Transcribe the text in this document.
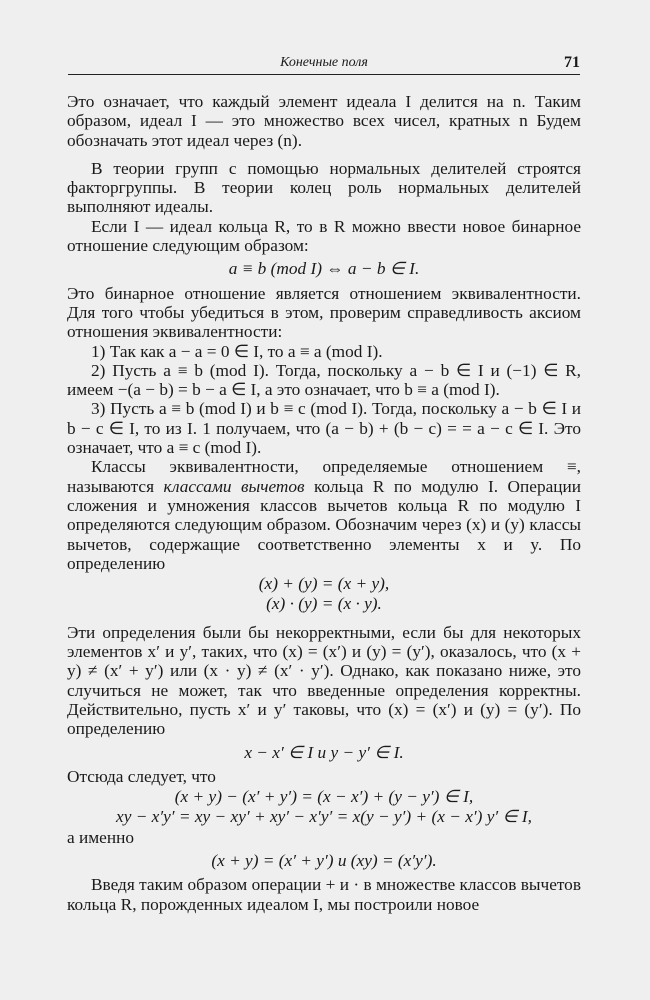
Конечные поля	71

Это означает, что каждый элемент идеала I делится на n. Таким образом, идеал I — это множество всех чисел, кратных n Будем обозначать этот идеал через (n).

В теории групп с помощью нормальных делителей строятся факторгруппы. В теории колец роль нормальных делителей выполняют идеалы.

Если I — идеал кольца R, то в R можно ввести новое бинарное отношение следующим образом:

a ≡ b (mod I) ⇔ a − b ∈ I.

Это бинарное отношение является отношением эквивалентности. Для того чтобы убедиться в этом, проверим справедливость аксиом отношения эквивалентности:

1) Так как a − a = 0 ∈ I, то a ≡ a (mod I).

2) Пусть a ≡ b (mod I). Тогда, поскольку a − b ∈ I и (−1) ∈ R, имеем −(a − b) = b − a ∈ I, а это означает, что b ≡ a (mod I).

3) Пусть a ≡ b (mod I) и b ≡ c (mod I). Тогда, поскольку a − b ∈ I и b − c ∈ I, то из I. 1 получаем, что (a − b) + (b − c) = = a − c ∈ I. Это означает, что a ≡ c (mod I).

Классы эквивалентности, определяемые отношением ≡, называются классами вычетов кольца R по модулю I. Операции сложения и умножения классов вычетов кольца R по модулю I определяются следующим образом. Обозначим через (x) и (y) классы вычетов, содержащие соответственно элементы x и y. По определению

(x) + (y) = (x + y),
(x) · (y) = (x · y).

Эти определения были бы некорректными, если бы для некоторых элементов x′ и y′, таких, что (x) = (x′) и (y) = (y′), оказалось, что (x + y) ≠ (x′ + y′) или (x · y) ≠ (x′ · y′). Однако, как показано ниже, это случиться не может, так что введенные определения корректны. Действительно, пусть x′ и y′ таковы, что (x) = (x′) и (y) = (y′). По определению

x − x′ ∈ I и y − y′ ∈ I.

Отсюда следует, что

(x + y) − (x′ + y′) = (x − x′) + (y − y′) ∈ I,
xy − x′y′ = xy − xy′ + xy′ − x′y′ = x(y − y′) + (x − x′) y′ ∈ I,

а именно

(x + y) = (x′ + y′) и (xy) = (x′y′).

Введя таким образом операции + и · в множестве классов вычетов кольца R, порожденных идеалом I, мы построили новое
